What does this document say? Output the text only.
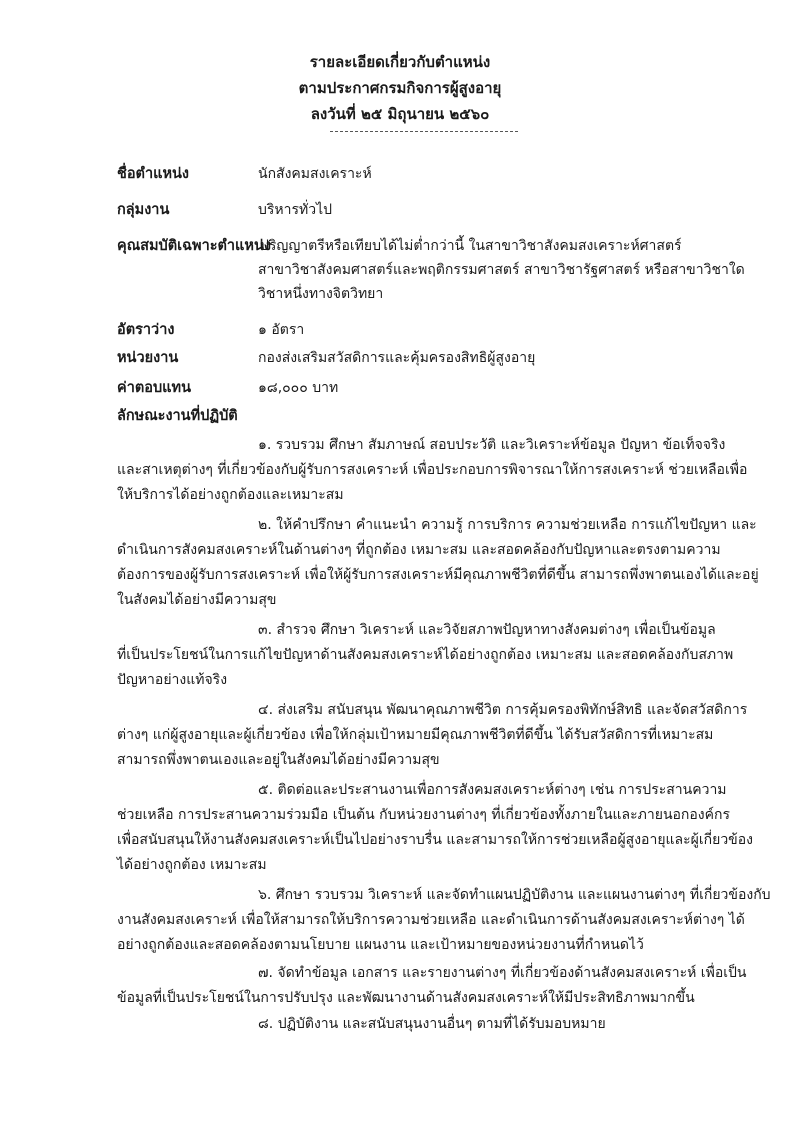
รายละเอียดเกี่ยวกับตำแหน่ง
ตามประกาศกรมกิจการผู้สูงอายุ
ลงวันที่ ๒๕ มิถุนายน ๒๕๖๐
ชื่อตำแหน่ง	นักสังคมสงเคราะห์
กลุ่มงาน	บริหารทั่วไป
คุณสมบัติเฉพาะตำแหน่ง
ปริญญาตรีหรือเทียบได้ไม่ต่ำกว่านี้ ในสาขาวิชาสังคมสงเคราะห์ศาสตร์
สาขาวิชาสังคมศาสตร์และพฤติกรรมศาสตร์ สาขาวิชารัฐศาสตร์ หรือสาขาวิชาใด
วิชาหนึ่งทางจิตวิทยา
อัตราว่าง	๑ อัตรา
หน่วยงาน	กองส่งเสริมสวัสดิการและคุ้มครองสิทธิผู้สูงอายุ
ค่าตอบแทน	๑๘,๐๐๐ บาท
ลักษณะงานที่ปฏิบัติ
๑. รวบรวม ศึกษา สัมภาษณ์ สอบประวัติ และวิเคราะห์ข้อมูล ปัญหา ข้อเท็จจริง
และสาเหตุต่างๆ ที่เกี่ยวข้องกับผู้รับการสงเคราะห์ เพื่อประกอบการพิจารณาให้การสงเคราะห์ ช่วยเหลือเพื่อ
ให้บริการได้อย่างถูกต้องและเหมาะสม
๒. ให้คำปรึกษา คำแนะนำ ความรู้ การบริการ ความช่วยเหลือ การแก้ไขปัญหา และ
ดำเนินการสังคมสงเคราะห์ในด้านต่างๆ ที่ถูกต้อง เหมาะสม และสอดคล้องกับปัญหาและตรงตามความ
ต้องการของผู้รับการสงเคราะห์ เพื่อให้ผู้รับการสงเคราะห์มีคุณภาพชีวิตที่ดีขึ้น สามารถพึ่งพาตนเองได้และอยู่
ในสังคมได้อย่างมีความสุข
๓. สำรวจ ศึกษา วิเคราะห์ และวิจัยสภาพปัญหาทางสังคมต่างๆ เพื่อเป็นข้อมูล
ที่เป็นประโยชน์ในการแก้ไขปัญหาด้านสังคมสงเคราะห์ได้อย่างถูกต้อง เหมาะสม และสอดคล้องกับสภาพ
ปัญหาอย่างแท้จริง
๔. ส่งเสริม สนับสนุน พัฒนาคุณภาพชีวิต การคุ้มครองพิทักษ์สิทธิ และจัดสวัสดิการ
ต่างๆ แก่ผู้สูงอายุและผู้เกี่ยวข้อง เพื่อให้กลุ่มเป้าหมายมีคุณภาพชีวิตที่ดีขึ้น ได้รับสวัสดิการที่เหมาะสม
สามารถพึ่งพาตนเองและอยู่ในสังคมได้อย่างมีความสุข
๕. ติดต่อและประสานงานเพื่อการสังคมสงเคราะห์ต่างๆ เช่น การประสานความ
ช่วยเหลือ การประสานความร่วมมือ เป็นต้น กับหน่วยงานต่างๆ ที่เกี่ยวข้องทั้งภายในและภายนอกองค์กร
เพื่อสนับสนุนให้งานสังคมสงเคราะห์เป็นไปอย่างราบรื่น และสามารถให้การช่วยเหลือผู้สูงอายุและผู้เกี่ยวข้อง
ได้อย่างถูกต้อง เหมาะสม
๖. ศึกษา รวบรวม วิเคราะห์ และจัดทำแผนปฏิบัติงาน และแผนงานต่างๆ ที่เกี่ยวข้องกับ
งานสังคมสงเคราะห์ เพื่อให้สามารถให้บริการความช่วยเหลือ และดำเนินการด้านสังคมสงเคราะห์ต่างๆ ได้
อย่างถูกต้องและสอดคล้องตามนโยบาย แผนงาน และเป้าหมายของหน่วยงานที่กำหนดไว้
๗. จัดทำข้อมูล เอกสาร และรายงานต่างๆ ที่เกี่ยวข้องด้านสังคมสงเคราะห์ เพื่อเป็น
ข้อมูลที่เป็นประโยชน์ในการปรับปรุง และพัฒนางานด้านสังคมสงเคราะห์ให้มีประสิทธิภาพมากขึ้น
๘. ปฏิบัติงาน และสนับสนุนงานอื่นๆ ตามที่ได้รับมอบหมาย
